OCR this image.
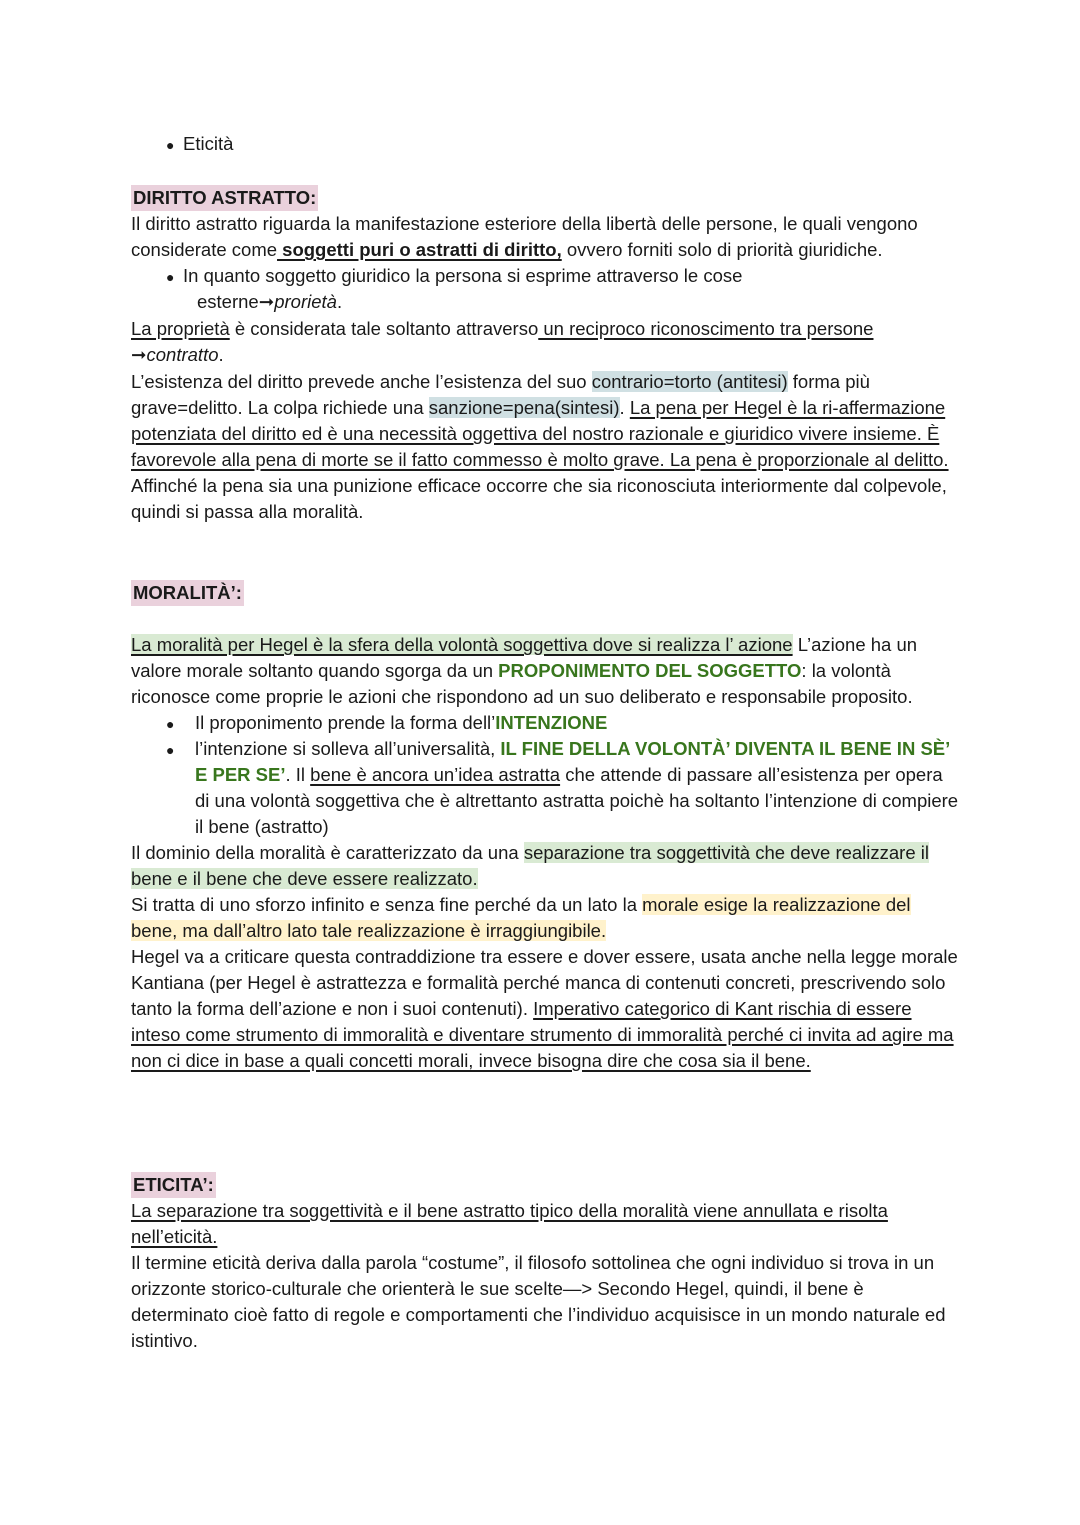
● Eticità

DIRITTO ASTRATTO:

Il diritto astratto riguarda la manifestazione esteriore della libertà delle persone, le quali vengono considerate come soggetti puri o astratti di diritto, ovvero forniti solo di priorità giuridiche.

● In quanto soggetto giuridico la persona si esprime attraverso le cose
esterne➞prorietà.

La proprietà è considerata tale soltanto attraverso un reciproco riconoscimento tra persone
➞contratto.

L’esistenza del diritto prevede anche l’esistenza del suo contrario=torto (antitesi) forma più grave=delitto. La colpa richiede una sanzione=pena(sintesi). La pena per Hegel è la ri-affermazione potenziata del diritto ed è una necessità oggettiva del nostro razionale e giuridico vivere insieme. È favorevole alla pena di morte se il fatto commesso è molto grave. La pena è proporzionale al delitto. Affinché la pena sia una punizione efficace occorre che sia riconosciuta interiormente dal colpevole, quindi si passa alla moralità.

MORALITÀ’:

La moralità per Hegel è la sfera della volontà soggettiva dove si realizza l’ azione L’azione ha un valore morale soltanto quando sgorga da un PROPONIMENTO DEL SOGGETTO: la volontà riconosce come proprie le azioni che rispondono ad un suo deliberato e responsabile proposito.

● Il proponimento prende la forma dell’INTENZIONE
● l’intenzione si solleva all’universalità, IL FINE DELLA VOLONTÀ’ DIVENTA IL BENE IN SÈ’ E PER SE’. Il bene è ancora un’idea astratta che attende di passare all’esistenza per opera di una volontà soggettiva che è altrettanto astratta poichè ha soltanto l’intenzione di compiere il bene (astratto)

Il dominio della moralità è caratterizzato da una separazione tra soggettività che deve realizzare il bene e il bene che deve essere realizzato.

Si tratta di uno sforzo infinito e senza fine perché da un lato la morale esige la realizzazione del bene, ma dall’altro lato tale realizzazione è irraggiungibile.

Hegel va a criticare questa contraddizione tra essere e dover essere, usata anche nella legge morale Kantiana (per Hegel è astrattezza e formalità perché manca di contenuti concreti, prescrivendo solo tanto la forma dell’azione e non i suoi contenuti). Imperativo categorico di Kant rischia di essere inteso come strumento di immoralità e diventare strumento di immoralità perché ci invita ad agire ma non ci dice in base a quali concetti morali, invece bisogna dire che cosa sia il bene.

ETICITA’:

La separazione tra soggettività e il bene astratto tipico della moralità viene annullata e risolta nell’eticità.

Il termine eticità deriva dalla parola “costume”, il filosofo sottolinea che ogni individuo si trova in un orizzonte storico-culturale che orienterà le sue scelte—> Secondo Hegel, quindi, il bene è determinato cioè fatto di regole e comportamenti che l’individuo acquisisce in un mondo naturale ed istintivo.
